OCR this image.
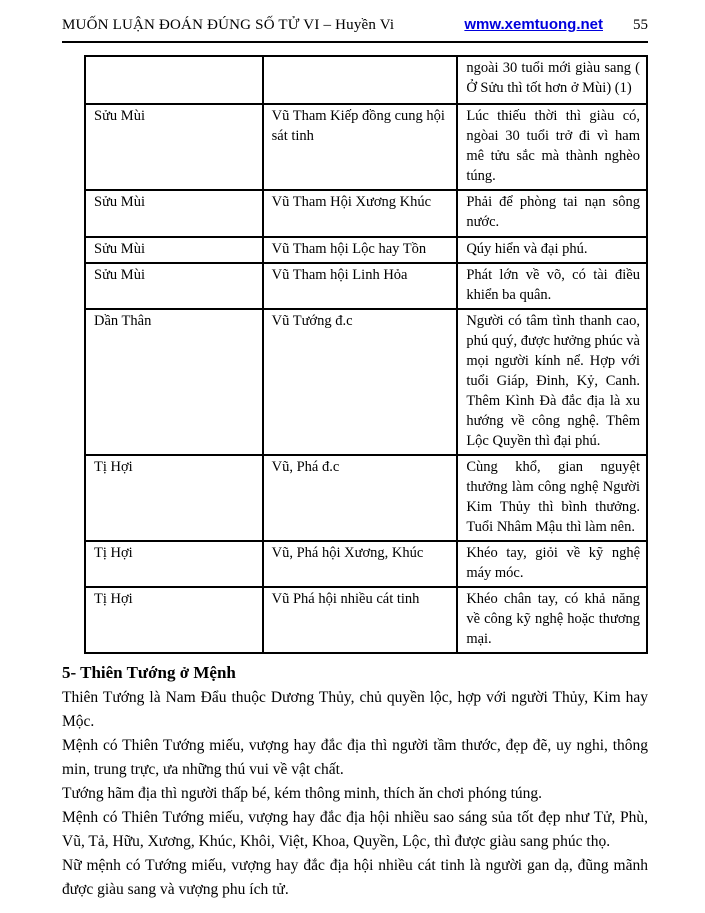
MUỐN LUẬN ĐOÁN ĐÚNG SỐ TỬ VI – Huyền Vi	wmw.xemtuong.net 55
		ngoài 30 tuổi mới giàu sang ( Ở Sửu thì tốt hơn ở Mùi) (1)
Sửu Mùi	Vũ Tham Kiếp đồng cung hội sát tinh	Lúc thiếu thời thì giàu có, ngòai 30 tuổi trở đi vì ham mê tửu sắc mà thành nghèo túng.
Sửu Mùi	Vũ Tham Hội Xương Khúc	Phải để phòng tai nạn sông nước.
Sửu Mùi	Vũ Tham hội Lộc hay Tồn	Qúy hiển và đại phú.
Sửu Mùi	Vũ Tham hội Linh Hỏa	Phát lớn về võ, có tài điều khiển ba quân.
Dần Thân	Vũ Tướng đ.c	Người có tâm tình thanh cao, phú quý, được hưởng phúc và mọi người kính nể. Hợp với tuổi Giáp, Đinh, Kỷ, Canh. Thêm Kình Đà đắc địa là xu hướng về công nghệ. Thêm Lộc Quyền thì đại phú.
Tị Hợi	Vũ, Phá đ.c	Cùng khổ, gian nguyệt thưởng làm công nghệ Người Kim Thủy thì bình thưởng. Tuổi Nhâm Mậu thì làm nên.
Tị Hợi	Vũ, Phá hội Xương, Khúc	Khéo tay, giỏi về kỹ nghệ máy móc.
Tị Hợi	Vũ Phá hội nhiều cát tinh	Khéo chân tay, có khả năng về công kỹ nghệ hoặc thương mại.
5- Thiên Tướng ở Mệnh

Thiên Tướng là Nam Đẩu thuộc Dương Thủy, chủ quyền lộc, hợp với người Thủy, Kim hay Mộc.

Mệnh có Thiên Tướng miếu, vượng hay đắc địa thì người tầm thước, đẹp đẽ, uy nghi, thông min, trung trực, ưa những thú vui về vật chất.

Tướng hãm địa thì người thấp bé, kém thông minh, thích ăn chơi phóng túng.

Mệnh có Thiên Tướng miếu, vượng hay đắc địa hội nhiều sao sáng sủa tốt đẹp như Tử, Phù, Vũ, Tả, Hữu, Xương, Khúc, Khôi, Việt, Khoa, Quyền, Lộc, thì được giàu sang phúc thọ.

Nữ mệnh có Tướng miếu, vượng hay đắc địa hội nhiều cát tinh là người gan dạ, đũng mãnh được giàu sang và vượng phu ích tử.
